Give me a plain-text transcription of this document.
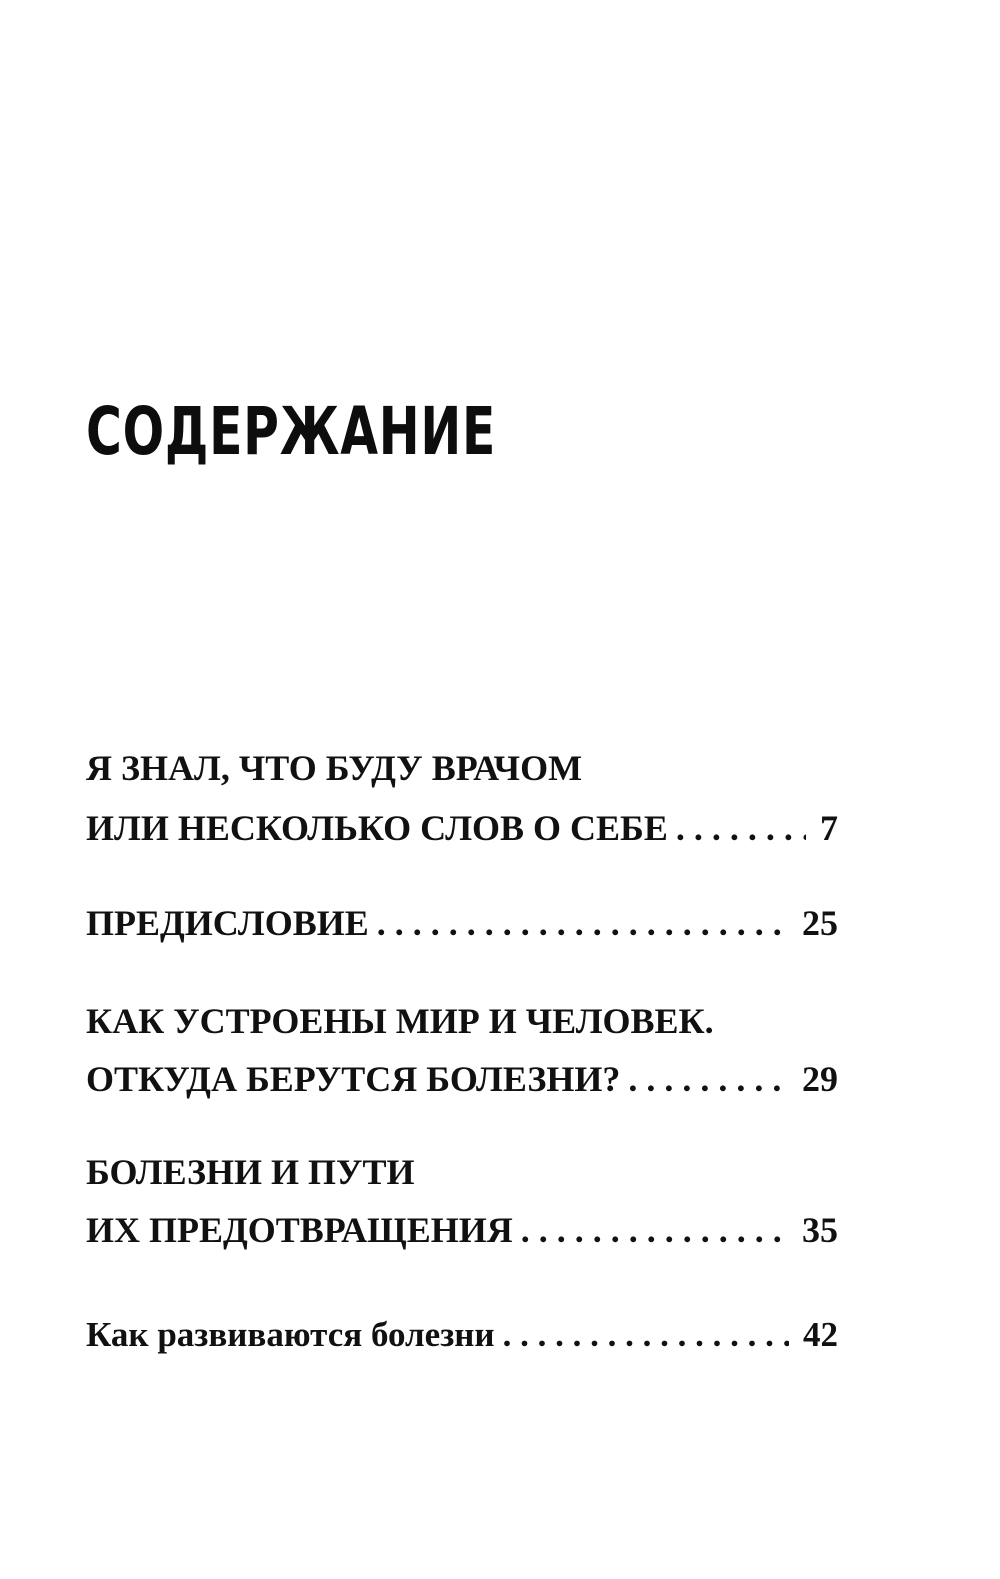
СОДЕРЖАНИЕ
Я ЗНАЛ, ЧТО БУДУ ВРАЧОМ
ИЛИ НЕСКОЛЬКО СЛОВ О СЕБЕ . . .	7
ПРЕДИСЛОВИЕ . . .	25
КАК УСТРОЕНЫ МИР И ЧЕЛОВЕК.
ОТКУДА БЕРУТСЯ БОЛЕЗНИ? . . .	29
БОЛЕЗНИ И ПУТИ
ИХ ПРЕДОТВРАЩЕНИЯ . . .	35
Как развиваются болезни . . .	42
